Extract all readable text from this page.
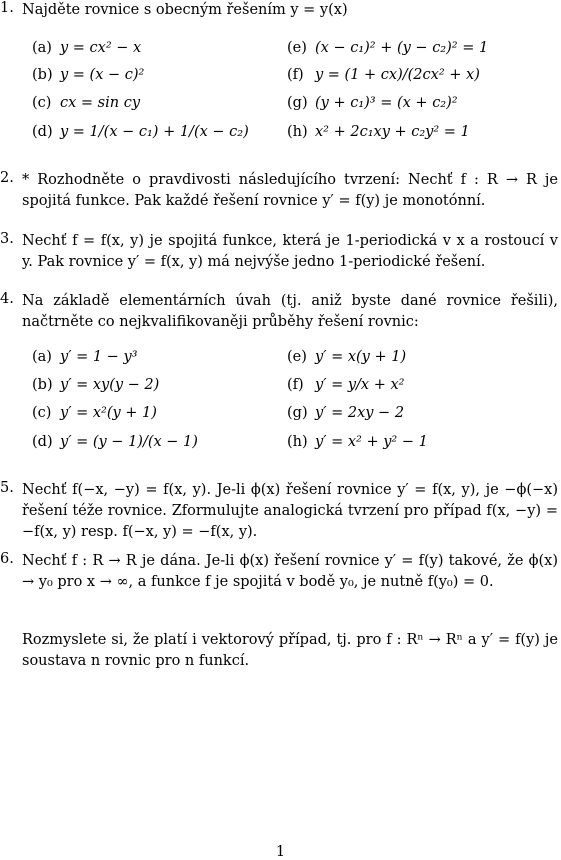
1. Najděte rovnice s obecným řešením y = y(x)
(a) y = cx² − x
(b) y = (x − c)²
(c) cx = sin cy
(d) y = 1/(x − c₁) + 1/(x − c₂)
(e) (x − c₁)² + (y − c₂)² = 1
(f) y = (1 + cx)/(2cx² + x)
(g) (y + c₁)³ = (x + c₂)²
(h) x² + 2c₁xy + c₂y² = 1
2. * Rozhodněte o pravdivosti následujícího tvrzení: Nechť f : R → R je spojitá funkce. Pak každé řešení rovnice y′ = f(y) je monotónní.
3. Nechť f = f(x, y) je spojitá funkce, která je 1-periodická v x a rostoucí v y. Pak rovnice y′ = f(x, y) má nejvýše jedno 1-periodické řešení.
4. Na základě elementárních úvah (tj. aniž byste dané rovnice řešili), načtrněte co nejkvalifikovaněji průběhy řešení rovnic:
(a) y′ = 1 − y³
(b) y′ = xy(y − 2)
(c) y′ = x²(y + 1)
(d) y′ = (y − 1)/(x − 1)
(e) y′ = x(y + 1)
(f) y′ = y/x + x²
(g) y′ = 2xy − 2
(h) y′ = x² + y² − 1
5. Nechť f(−x, −y) = f(x, y). Je-li ϕ(x) řešení rovnice y′ = f(x, y), je −ϕ(−x) řešení téže rovnice. Zformulujte analogická tvrzení pro případ f(x, −y) = −f(x, y) resp. f(−x, y) = −f(x, y).
6. Nechť f : R → R je dána. Je-li ϕ(x) řešení rovnice y′ = f(y) takové, že ϕ(x) → y₀ pro x → ∞, a funkce f je spojitá v bodě y₀, je nutně f(y₀) = 0.
Rozmyslete si, že platí i vektorový případ, tj. pro f : Rⁿ → Rⁿ a y′ = f(y) je soustava n rovnic pro n funkcí.
1
